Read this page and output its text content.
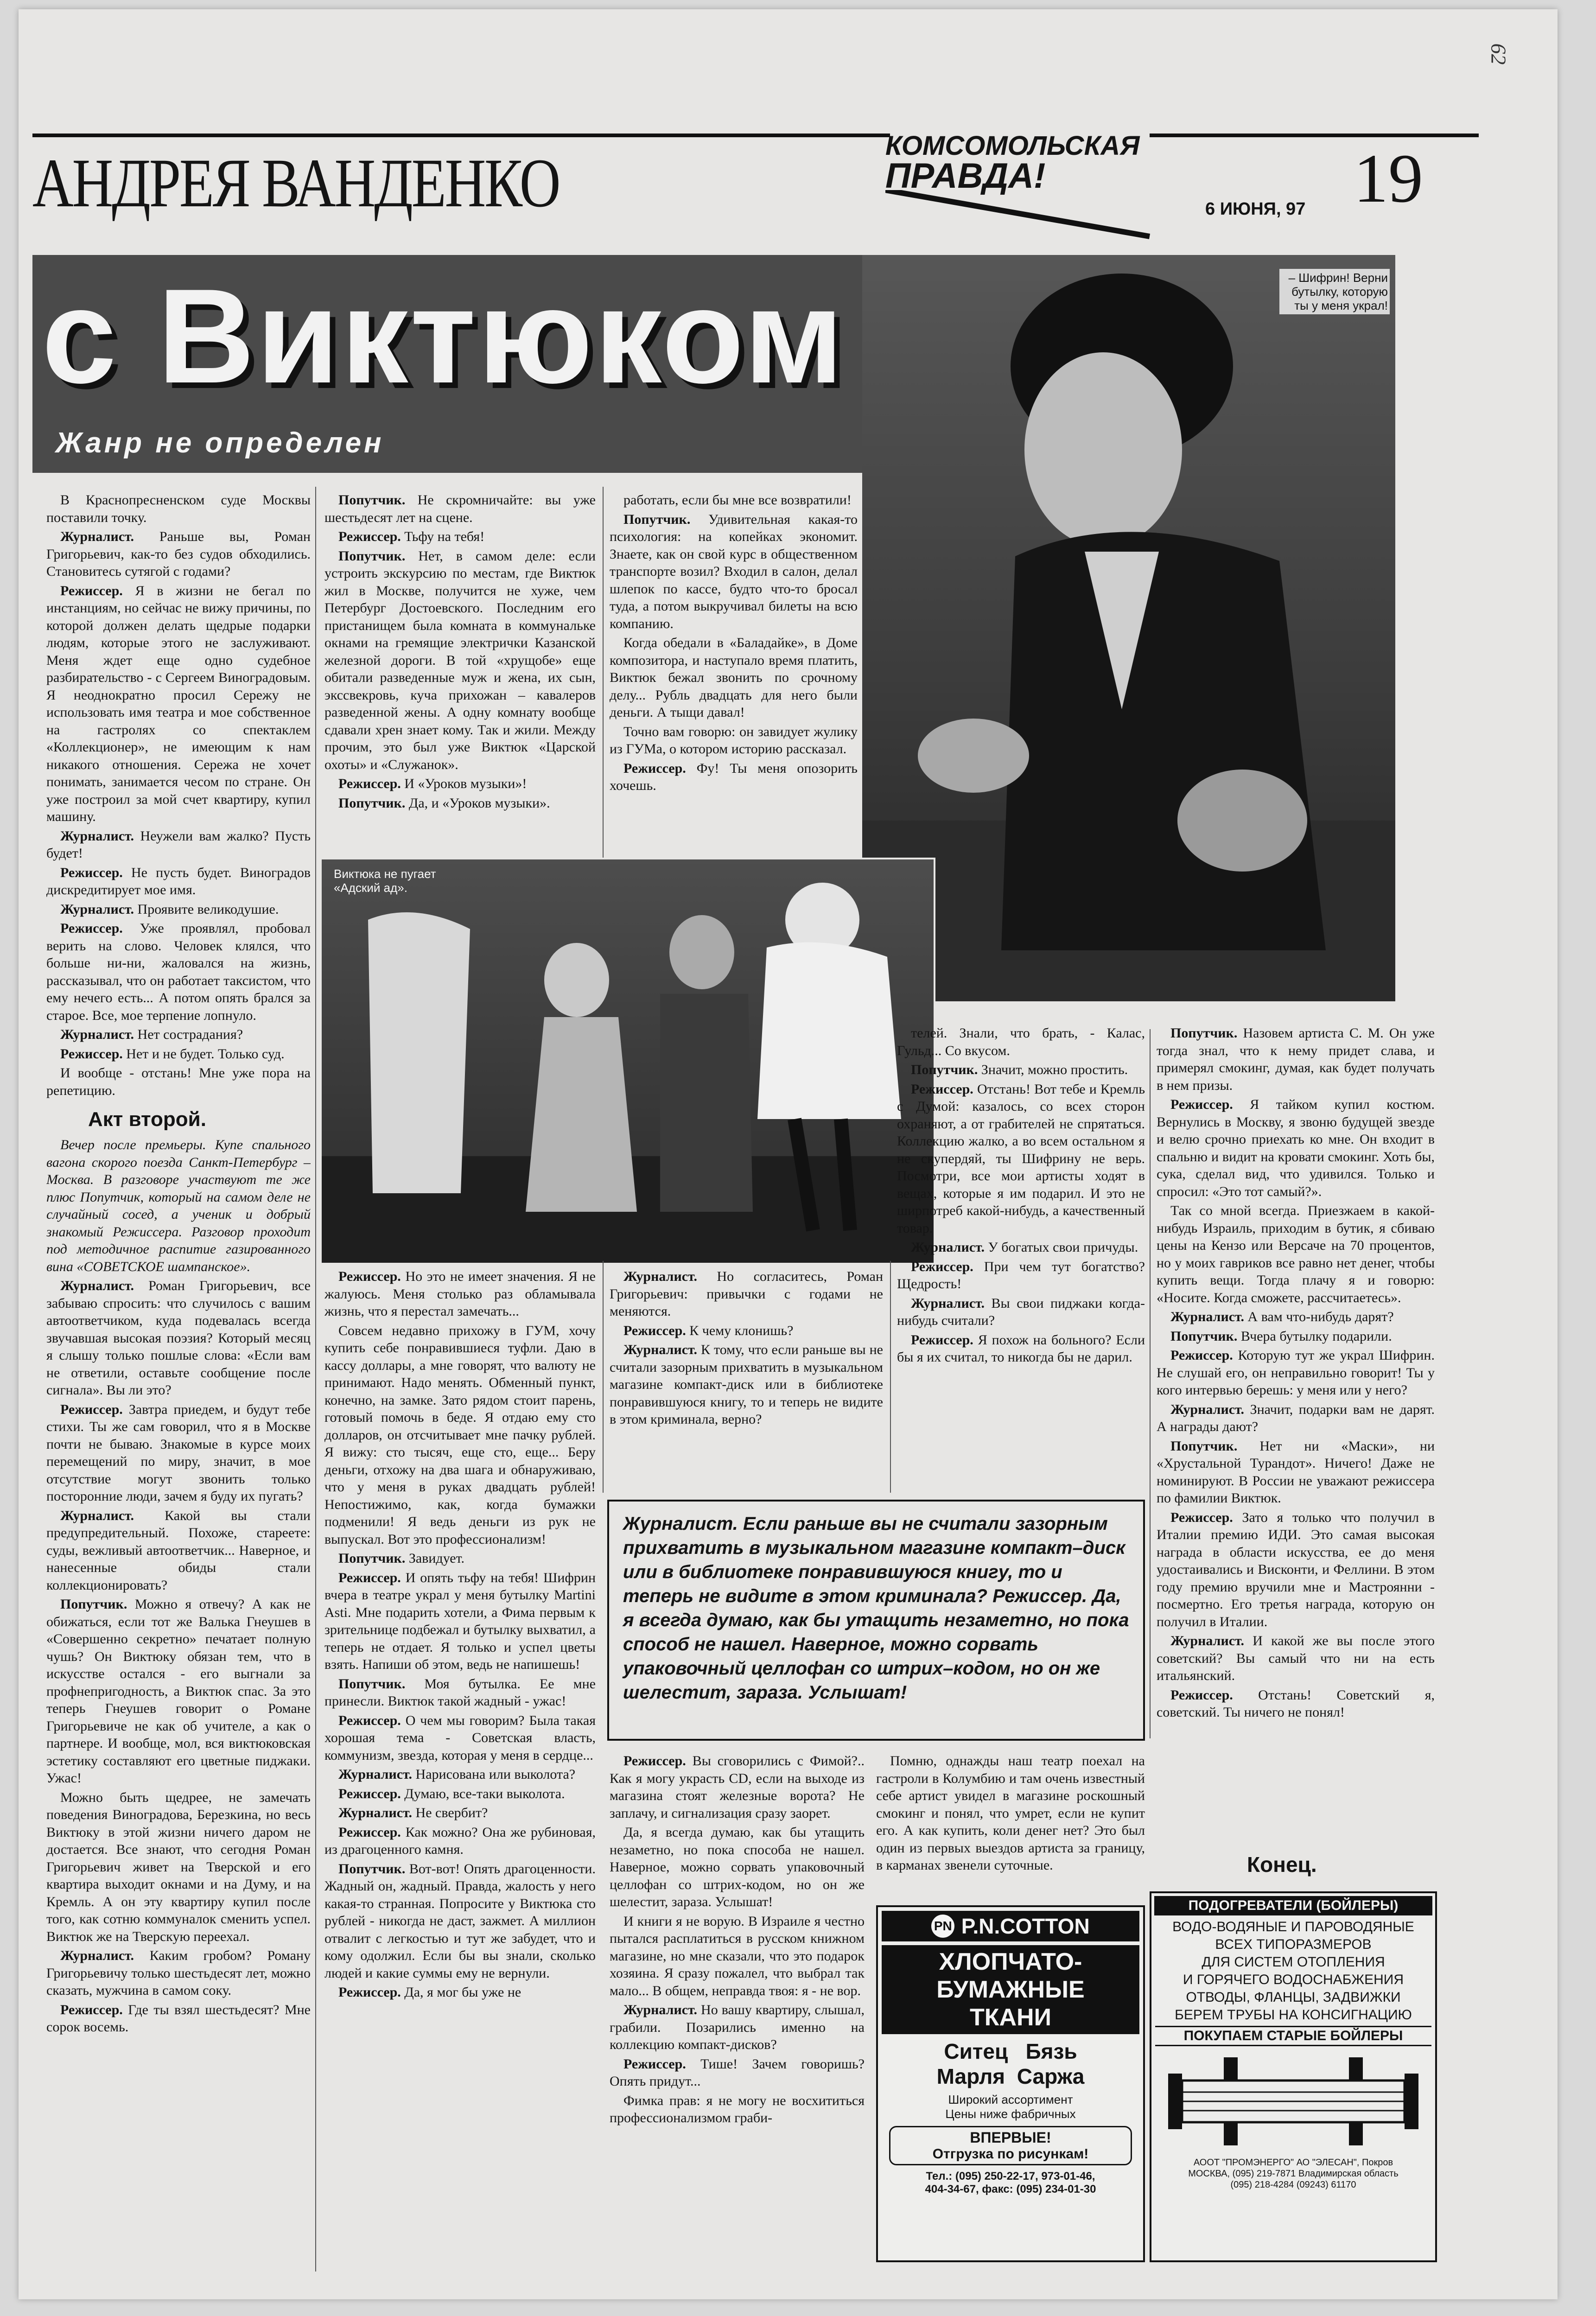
62
АНДРЕЯ ВАНДЕНКО	КОМСОМОЛЬСКАЯ
ПРАВДА!
6 ИЮНЯ, 97 19
с Виктюком
Жанр не определен
– Шифрин! Верни бутылку, которую ты у меня украл!
Виктюка не пугает «Адский ад».

В Краснопресненском суде Москвы поставили точку.

Журналист. Раньше вы, Роман Григорьевич, как-то без судов обходились. Становитесь сутягой с годами?

Режиссер. Я в жизни не бегал по инстанциям, но сейчас не вижу причины, по которой должен делать щедрые подарки людям, которые этого не заслуживают. Меня ждет еще одно судебное разбирательство - с Сергеем Виноградовым. Я неоднократно просил Сережу не использовать имя театра и мое собственное на гастролях со спектаклем «Коллекционер», не имеющим к нам никакого отношения. Сережа не хочет понимать, занимается чесом по стране. Он уже построил за мой счет квартиру, купил машину.

Журналист. Неужели вам жалко? Пусть будет!

Режиссер. Не пусть будет. Виноградов дискредитирует мое имя.

Журналист. Проявите великодушие.

Режиссер. Уже проявлял, пробовал верить на слово. Человек клялся, что больше ни-ни, жаловался на жизнь, рассказывал, что он работает таксистом, что ему нечего есть... А потом опять брался за старое. Все, мое терпение лопнуло.

Журналист. Нет сострадания?

Режиссер. Нет и не будет. Только суд.

И вообще - отстань! Мне уже пора на репетицию.

Акт второй.

Вечер после премьеры. Купе спального вагона скорого поезда Санкт-Петербург – Москва. В разговоре участвуют те же плюс Попутчик, который на самом деле не случайный сосед, а ученик и добрый знакомый Режиссера. Разговор проходит под методичное распитие газированного вина «СОВЕТСКОЕ шампанское».

Журналист. Роман Григорьевич, все забываю спросить: что случилось с вашим автоответчиком, куда подевалась всегда звучавшая высокая поэзия? Который месяц я слышу только пошлые слова: «Если вам не ответили, оставьте сообщение после сигнала». Вы ли это?

Режиссер. Завтра приедем, и будут тебе стихи. Ты же сам говорил, что я в Москве почти не бываю. Знакомые в курсе моих перемещений по миру, значит, в мое отсутствие могут звонить только посторонние люди, зачем я буду их пугать?

Журналист. Какой вы стали предупредительный. Похоже, стареете: суды, вежливый автоответчик... Наверное, и нанесенные обиды стали коллекционировать?

Попутчик. Можно я отвечу? А как не обижаться, если тот же Валька Гнеушев в «Совершенно секретно» печатает полную чушь? Он Виктюку обязан тем, что в искусстве остался - его выгнали за профнепригодность, а Виктюк спас. За это теперь Гнеушев говорит о Романе Григорьевиче не как об учителе, а как о партнере. И вообще, мол, вся виктюковская эстетику составляют его цветные пиджаки. Ужас!

Можно быть щедрее, не замечать поведения Виноградова, Березкина, но весь Виктюку в этой жизни ничего даром не достается. Все знают, что сегодня Роман Григорьевич живет на Тверской и его квартира выходит окнами и на Думу, и на Кремль. А он эту квартиру купил после того, как сотню коммуналок сменить успел. Виктюк же на Тверскую переехал.

Журналист. Каким гробом? Роману Григорьевичу только шестьдесят лет, можно сказать, мужчина в самом соку.

Режиссер. Где ты взял шестьдесят? Мне сорок восемь.

Попутчик. Не скромничайте: вы уже шестьдесят лет на сцене.

Режиссер. Тьфу на тебя!

Попутчик. Нет, в самом деле: если устроить экскурсию по местам, где Виктюк жил в Москве, получится не хуже, чем Петербург Достоевского. Последним его пристанищем была комната в коммунальке окнами на гремящие электрички Казанской железной дороги. В той «хрущобе» еще обитали разведенные муж и жена, их сын, экссвекровь, куча прихожан – кавалеров разведенной жены. А одну комнату вообще сдавали хрен знает кому. Так и жили. Между прочим, это был уже Виктюк «Царской охоты» и «Служанок».

Режиссер. И «Уроков музыки»!

Попутчик. Да, и «Уроков музыки».

работать, если бы мне все возвратили!

Попутчик. Удивительная какая-то психология: на копейках экономит. Знаете, как он свой курс в общественном транспорте возил? Входил в салон, делал шлепок по кассе, будто что-то бросал туда, а потом выкручивал билеты на всю компанию.

Когда обедали в «Баладайке», в Доме композитора, и наступало время платить, Виктюк бежал звонить по срочному делу... Рубль двадцать для него были деньги. А тыщи давал!

Точно вам говорю: он завидует жулику из ГУМа, о котором историю рассказал.

Режиссер. Фу! Ты меня опозорить хочешь.

Режиссер. Но это не имеет значения. Я не жалуюсь. Меня столько раз обламывала жизнь, что я перестал замечать...

Совсем недавно прихожу в ГУМ, хочу купить себе понравившиеся туфли. Даю в кассу доллары, а мне говорят, что валюту не принимают. Надо менять. Обменный пункт, конечно, на замке. Зато рядом стоит парень, готовый помочь в беде. Я отдаю ему сто долларов, он отсчитывает мне пачку рублей. Я вижу: сто тысяч, еще сто, еще... Беру деньги, отхожу на два шага и обнаруживаю, что у меня в руках двадцать рублей! Непостижимо, как, когда бумажки подменили! Я ведь деньги из рук не выпускал. Вот это профессионализм!

Попутчик. Завидует.

Режиссер. И опять тьфу на тебя! Шифрин вчера в театре украл у меня бутылку Martini Asti. Мне подарить хотели, а Фима первым к зрительнице подбежал и бутылку выхватил, а теперь не отдает. Я только и успел цветы взять. Напиши об этом, ведь не напишешь!

Попутчик. Моя бутылка. Ее мне принесли. Виктюк такой жадный - ужас!

Режиссер. О чем мы говорим? Была такая хорошая тема - Советская власть, коммунизм, звезда, которая у меня в сердце...

Журналист. Нарисована или выколота?

Режиссер. Думаю, все-таки выколота.

Журналист. Не свербит?

Режиссер. Как можно? Она же рубиновая, из драгоценного камня.

Попутчик. Вот-вот! Опять драгоценности. Жадный он, жадный. Правда, жалость у него какая-то странная. Попросите у Виктюка сто рублей - никогда не даст, зажмет. А миллион отвалит с легкостью и тут же забудет, что и кому одолжил. Если бы вы знали, сколько людей и какие суммы ему не вернули.

Режиссер. Да, я мог бы уже не

Журналист. Но согласитесь, Роман Григорьевич: привычки с годами не меняются.

Режиссер. К чему клонишь?

Журналист. К тому, что если раньше вы не считали зазорным прихватить в музыкальном магазине компакт-диск или в библиотеке понравившуюся книгу, то и теперь не видите в этом криминала, верно?

телей. Знали, что брать, - Калас, Гульд... Со вкусом.

Попутчик. Значит, можно простить.

Режиссер. Отстань! Вот тебе и Кремль с Думой: казалось, со всех сторон охраняют, а от грабителей не спрятаться. Коллекцию жалко, а во всем остальном я не скупердяй, ты Шифрину не верь. Посмотри, все мои артисты ходят в вещах, которые я им подарил. И это не ширпотреб какой-нибудь, а качественный товар.

Журналист. У богатых свои причуды.

Режиссер. При чем тут богатство? Щедрость!

Журналист. Вы свои пиджаки когда-нибудь считали?

Режиссер. Я похож на больного? Если бы я их считал, то никогда бы не дарил.

Попутчик. Назовем артиста С. М. Он уже тогда знал, что к нему придет слава, и примерял смокинг, думая, как будет получать в нем призы.

Режиссер. Я тайком купил костюм. Вернулись в Москву, я звоню будущей звезде и велю срочно приехать ко мне. Он входит в спальню и видит на кровати смокинг. Хоть бы, сука, сделал вид, что удивился. Только и спросил: «Это тот самый?».

Так со мной всегда. Приезжаем в какой-нибудь Израиль, приходим в бутик, я сбиваю цены на Кензо или Версаче на 70 процентов, но у моих гавриков все равно нет денег, чтобы купить вещи. Тогда плачу я и говорю: «Носите. Когда сможете, рассчитаетесь».

Журналист. А вам что-нибудь дарят?

Попутчик. Вчера бутылку подарили.

Режиссер. Которую тут же украл Шифрин. Не слушай его, он неправильно говорит! Ты у кого интервью берешь: у меня или у него?

Журналист. Значит, подарки вам не дарят. А награды дают?

Попутчик. Нет ни «Маски», ни «Хрустальной Турандот». Ничего! Даже не номинируют. В России не уважают режиссера по фамилии Виктюк.

Режиссер. Зато я только что получил в Италии премию ИДИ. Это самая высокая награда в области искусства, ее до меня удостаивались и Висконти, и Феллини. В этом году премию вручили мне и Мастроянни - посмертно. Его третья награда, которую он получил в Италии.

Журналист. И какой же вы после этого советский? Вы самый что ни на есть итальянский.

Режиссер. Отстань! Советский я, советский. Ты ничего не понял!

Конец.
Журналист. Если раньше вы не считали зазорным прихватить в музыкальном магазине компакт–диск или в библиотеке понравившуюся книгу, то и теперь не видите в этом криминала? Режиссер. Да, я всегда думаю, как бы утащить незаметно, но пока способ не нашел. Наверное, можно сорвать упаковочный целлофан со штрих–кодом, но он же шелестит, зараза. Услышат!

Режиссер. Вы сговорились с Фимой?.. Как я могу украсть CD, если на выходе из магазина стоят железные ворота? Не заплачу, и сигнализация сразу заорет.

Да, я всегда думаю, как бы утащить незаметно, но пока способа не нашел. Наверное, можно сорвать упаковочный целлофан со штрих-кодом, но он же шелестит, зараза. Услышат!

И книги я не ворую. В Израиле я честно пытался расплатиться в русском книжном магазине, но мне сказали, что это подарок хозяина. Я сразу пожалел, что выбрал так мало... В общем, неправда твоя: я - не вор.

Журналист. Но вашу квартиру, слышал, грабили. Позарились именно на коллекцию компакт-дисков?

Режиссер. Тише! Зачем говоришь? Опять придут...

Фимка прав: я не могу не восхититься профессионализмом граби-

Помню, однажды наш театр поехал на гастроли в Колумбию и там очень известный себе артист увидел в магазине роскошный смокинг и понял, что умрет, если не купит его. А как купить, коли денег нет? Это был один из первых выездов артиста за границу, в карманах звенели суточные.

PN P.N.COTTON
ХЛОПЧАТО-
БУМАЖНЫЕ
ТКАНИ
Ситец   Бязь
Марля  Саржа
Широкий ассортимент
Цены ниже фабричных
ВПЕРВЫЕ!
Отгрузка по рисункам!
Тел.: (095) 250-22-17, 973-01-46,
404-34-67, факс: (095) 234-01-30
ПОДОГРЕВАТЕЛИ (БОЙЛЕРЫ)
ВОДО-ВОДЯНЫЕ И ПАРОВОДЯНЫЕ
ВСЕХ ТИПОРАЗМЕРОВ
ДЛЯ СИСТЕМ ОТОПЛЕНИЯ
И ГОРЯЧЕГО ВОДОСНАБЖЕНИЯ
ОТВОДЫ, ФЛАНЦЫ, ЗАДВИЖКИ
БЕРЕМ ТРУБЫ НА КОНСИГНАЦИЮ
ПОКУПАЕМ СТАРЫЕ БОЙЛЕРЫ
АООТ "ПРОМЭНЕРГО" АО "ЭЛЕСАН", Покров
МОСКВА, (095) 219-7871 Владимирская область
(095) 218-4284 (09243) 61170
